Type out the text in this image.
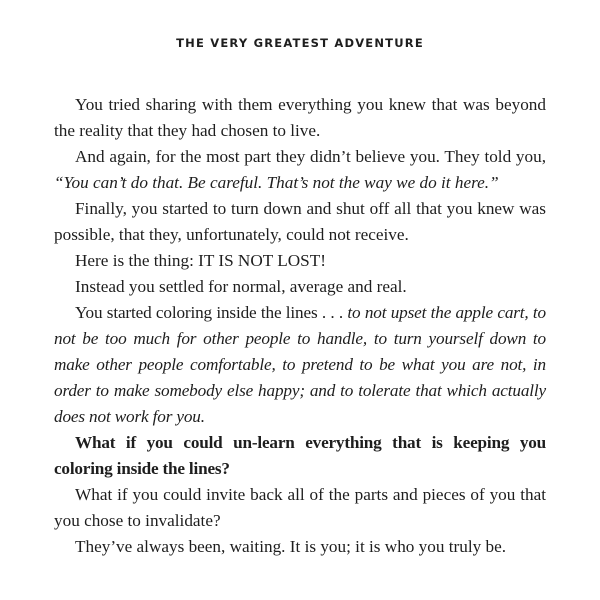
THE VERY GREATEST ADVENTURE

You tried sharing with them everything you knew that was beyond the reality that they had chosen to live.

And again, for the most part they didn’t believe you. They told you, “You can’t do that. Be careful. That’s not the way we do it here.”

Finally, you started to turn down and shut off all that you knew was possible, that they, unfortunately, could not receive.

Here is the thing: IT IS NOT LOST!

Instead you settled for normal, average and real.

You started coloring inside the lines . . . to not upset the apple cart, to not be too much for other people to handle, to turn yourself down to make other people comfortable, to pretend to be what you are not, in order to make somebody else happy; and to tolerate that which actually does not work for you.

What if you could un-learn everything that is keeping you coloring inside the lines?

What if you could invite back all of the parts and pieces of you that you chose to invalidate?

They’ve always been, waiting. It is you; it is who you truly be.
